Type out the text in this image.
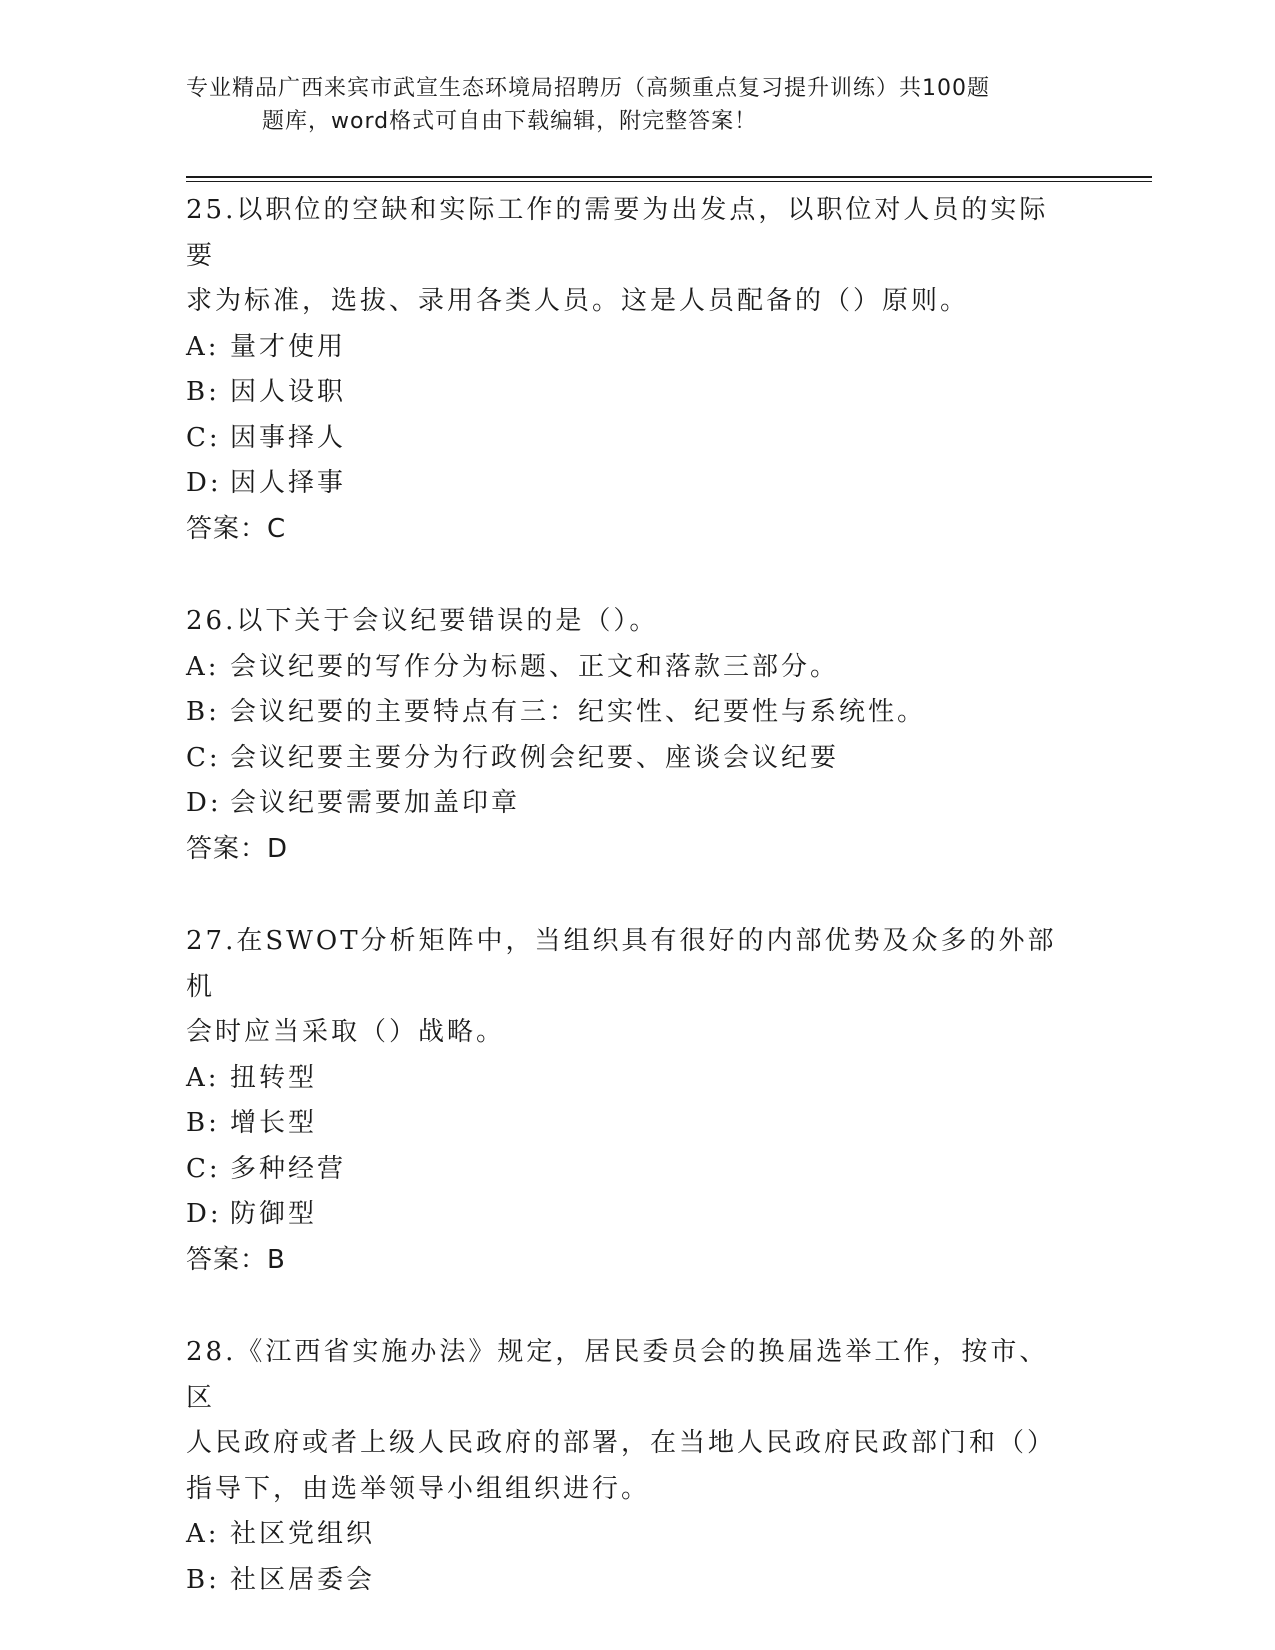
专业精品广西来宾市武宣生态环境局招聘历（高频重点复习提升训练）共100题
题库，word格式可自由下载编辑，附完整答案！

25.以职位的空缺和实际工作的需要为出发点，以职位对人员的实际要

求为标准，选拔、录用各类人员。这是人员配备的（）原则。

A: 量才使用

B: 因人设职

C: 因事择人

D: 因人择事

答案：C

26.以下关于会议纪要错误的是（）。

A: 会议纪要的写作分为标题、正文和落款三部分。

B: 会议纪要的主要特点有三：纪实性、纪要性与系统性。

C: 会议纪要主要分为行政例会纪要、座谈会议纪要

D: 会议纪要需要加盖印章

答案：D

27.在SWOT分析矩阵中，当组织具有很好的内部优势及众多的外部机

会时应当采取（）战略。

A: 扭转型

B: 增长型

C: 多种经营

D: 防御型

答案：B

28.《江西省实施办法》规定，居民委员会的换届选举工作，按市、区

人民政府或者上级人民政府的部署，在当地人民政府民政部门和（）

指导下，由选举领导小组组织进行。

A: 社区党组织

B: 社区居委会
